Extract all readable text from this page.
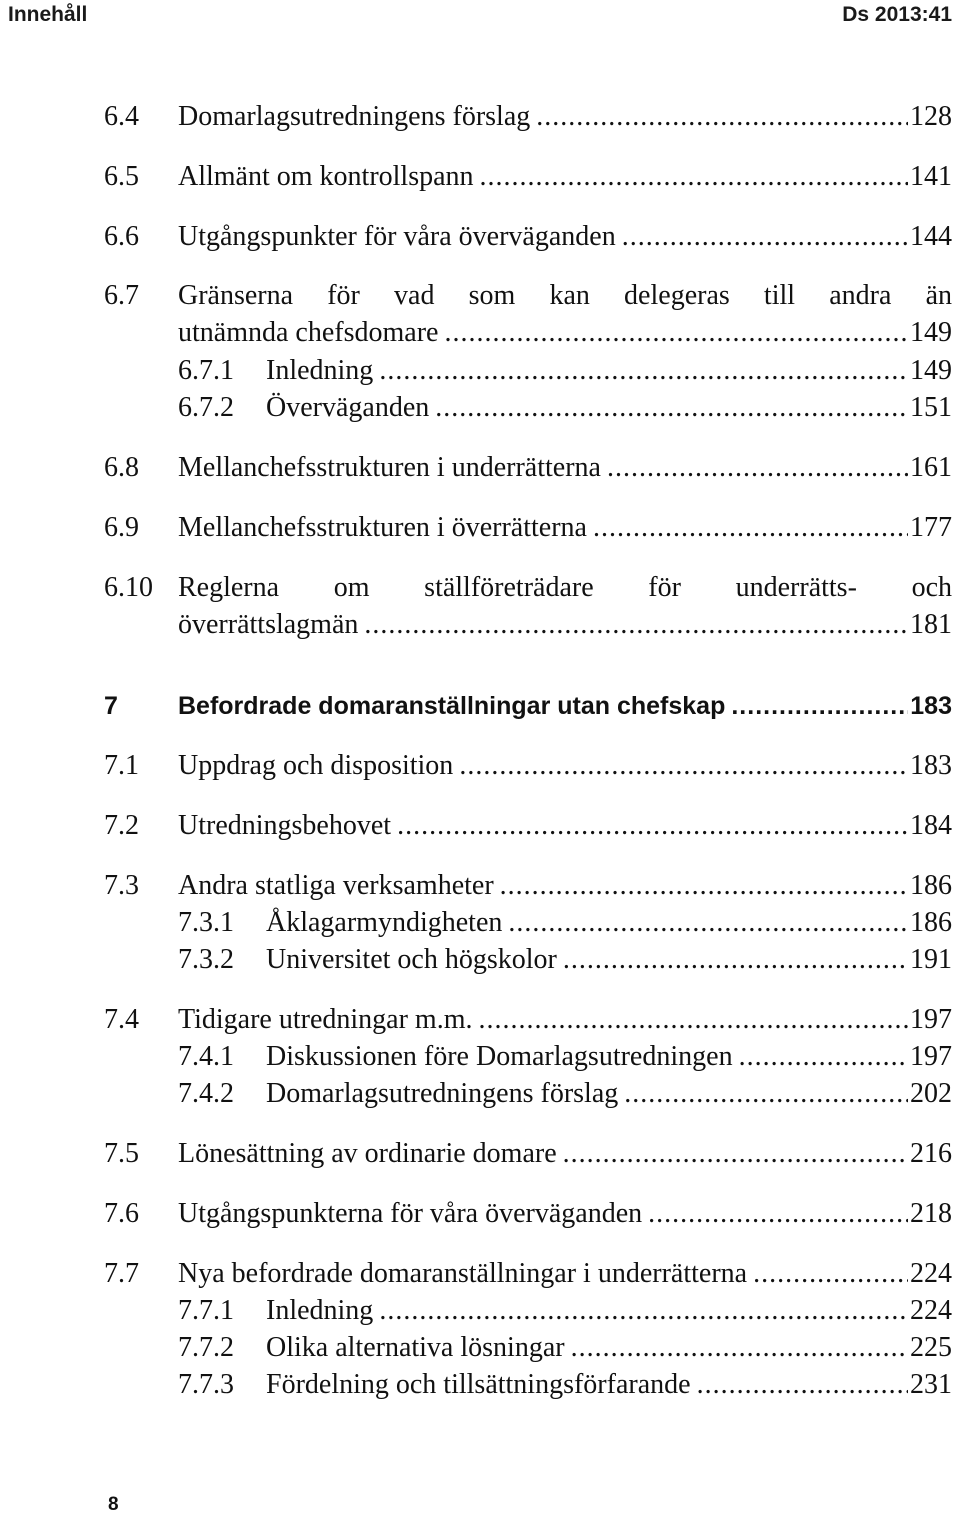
Innehåll	Ds 2013:41
6.4	Domarlagsutredningens förslag .....	128
6.5	Allmänt om kontrollspann .....	141
6.6	Utgångspunkter för våra överväganden .....	144
6.7	Gränserna för vad som kan delegeras till andra än
utnämnda chefsdomare .....	149
6.7.1	Inledning .....	149
6.7.2	Överväganden .....	151
6.8	Mellanchefsstrukturen i underrätterna .....	161
6.9	Mellanchefsstrukturen i överrätterna .....	177
6.10 Reglerna om ställföreträdare för underrätts- och
överrättslagmän .....	181
7	Befordrade domaranställningar utan chefskap .....	183
7.1	Uppdrag och disposition .....	183
7.2	Utredningsbehovet .....	184
7.3	Andra statliga verksamheter .....	186
7.3.1	Åklagarmyndigheten .....	186
7.3.2	Universitet och högskolor .....	191
7.4	Tidigare utredningar m.m. .....	197
7.4.1	Diskussionen före Domarlagsutredningen .....	197
7.4.2	Domarlagsutredningens förslag .....	202
7.5	Lönesättning av ordinarie domare .....	216
7.6	Utgångspunkterna för våra överväganden .....	218
7.7	Nya befordrade domaranställningar i underrätterna .....	224
7.7.1	Inledning .....	224
7.7.2	Olika alternativa lösningar .....	225
7.7.3	Fördelning och tillsättningsförfarande .....	231
8
